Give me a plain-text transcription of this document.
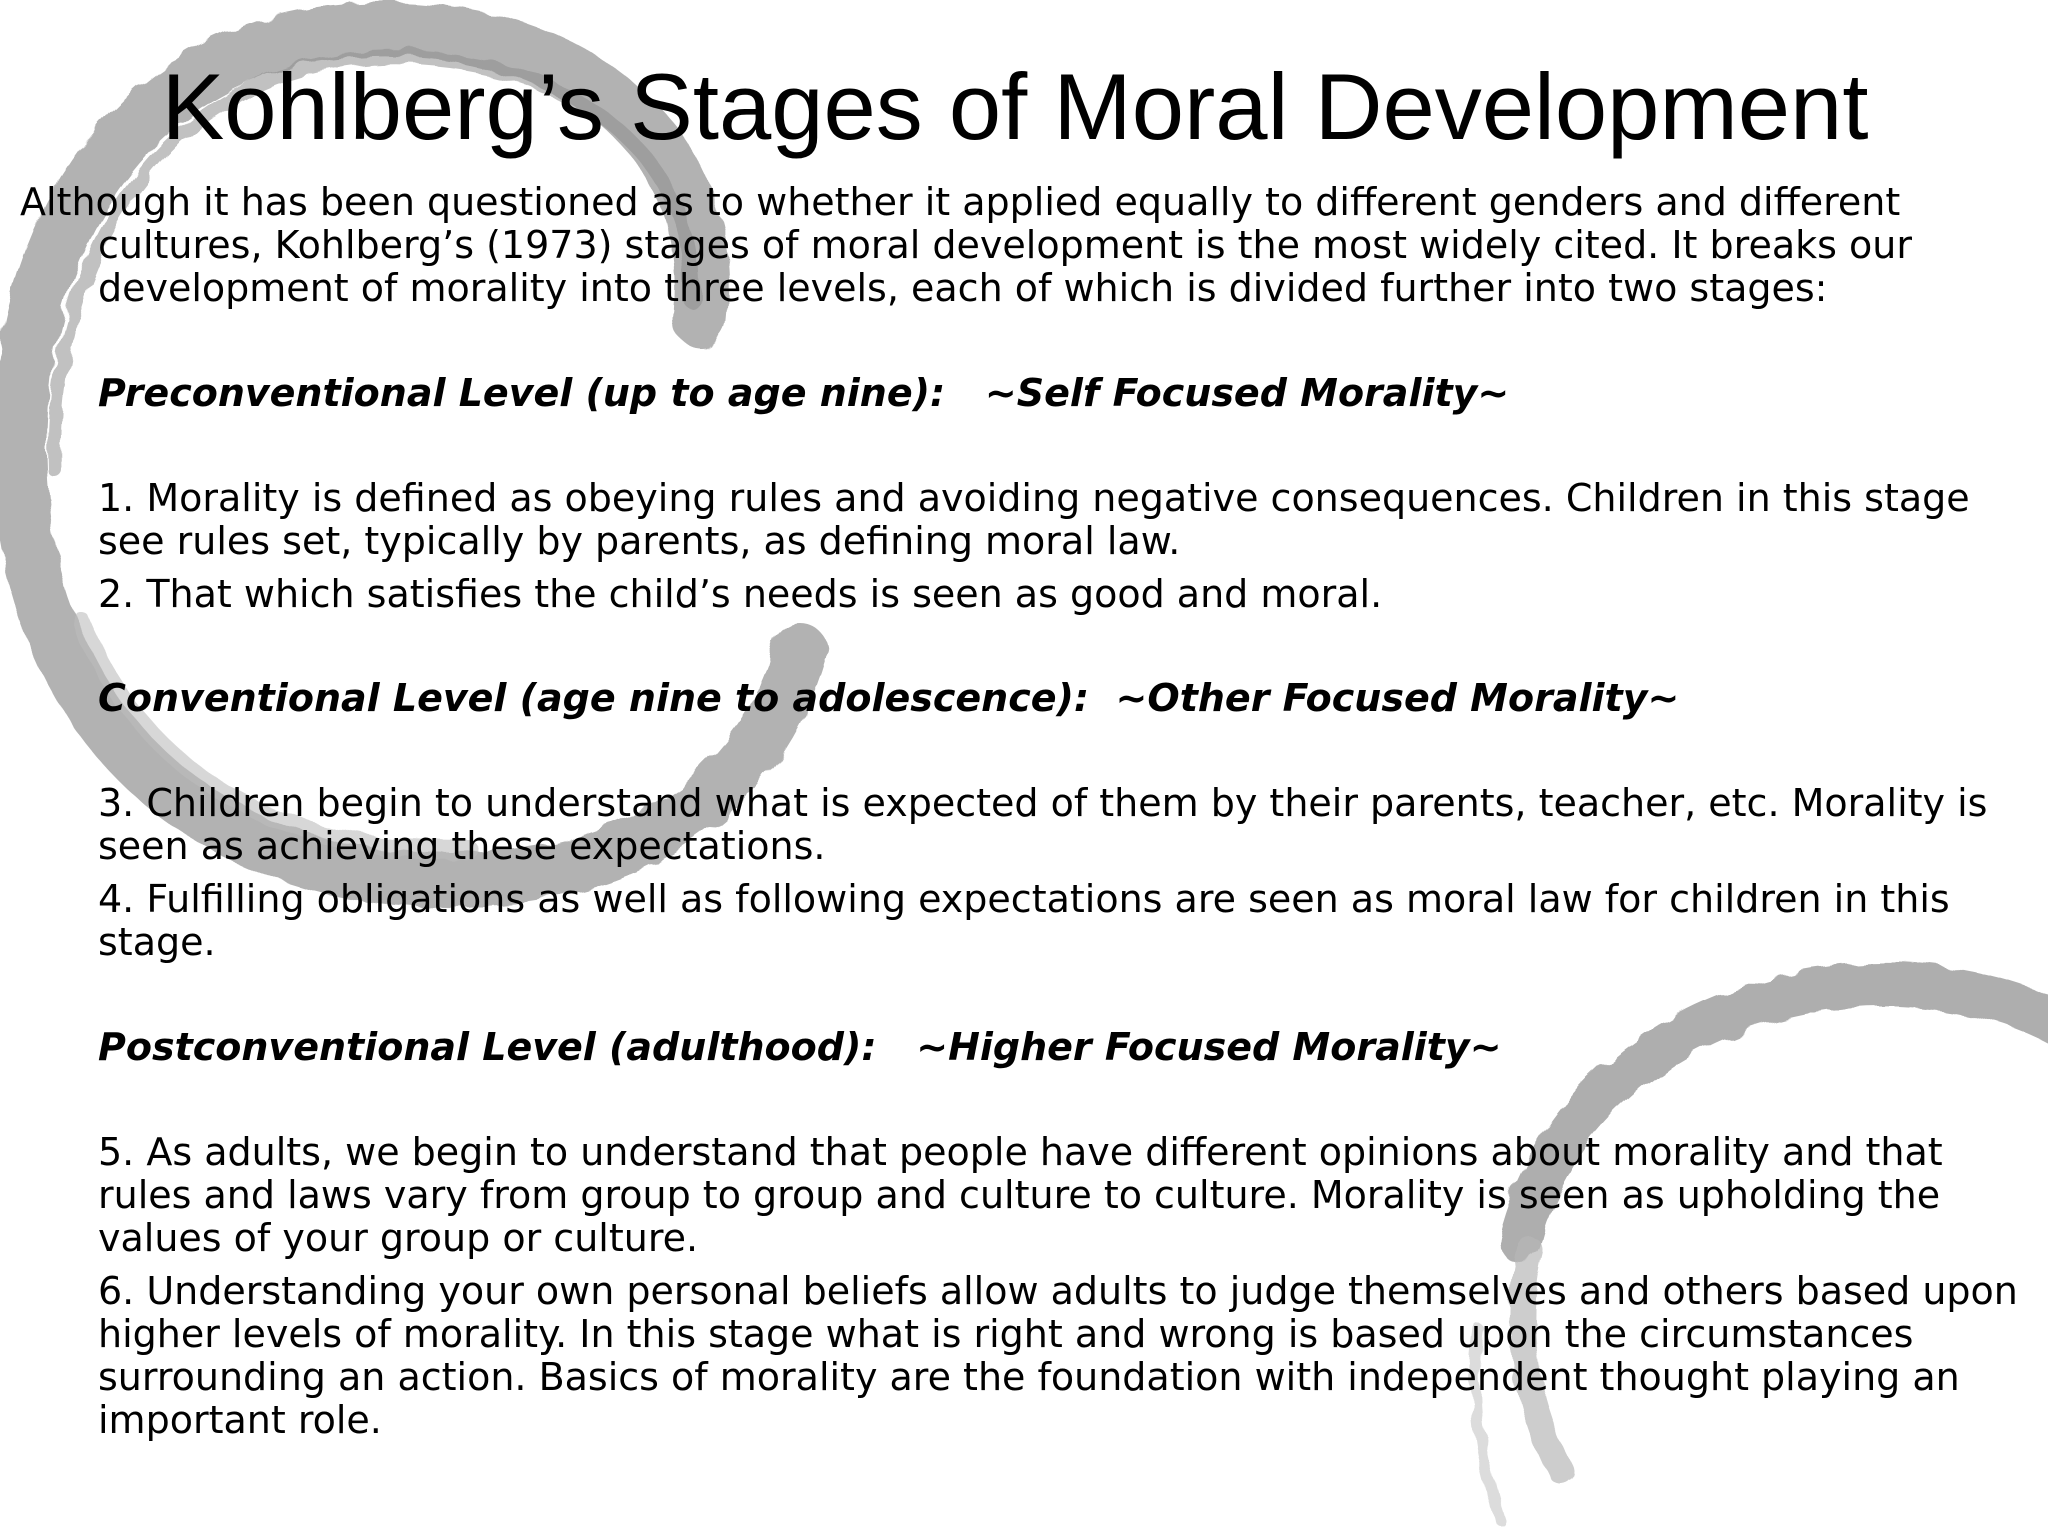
Kohlberg’s Stages of Moral Development

Although it has been questioned as to whether it applied equally to different genders and different cultures, Kohlberg’s (1973) stages of moral development is the most widely cited. It breaks our development of morality into three levels, each of which is divided further into two stages:

Preconventional Level (up to age nine):   ~Self Focused Morality~

1. Morality is defined as obeying rules and avoiding negative consequences. Children in this stage see rules set, typically by parents, as defining moral law.

2. That which satisfies the child’s needs is seen as good and moral.

Conventional Level (age nine to adolescence):  ~Other Focused Morality~

3. Children begin to understand what is expected of them by their parents, teacher, etc. Morality is seen as achieving these expectations.

4. Fulfilling obligations as well as following expectations are seen as moral law for children in this stage.

Postconventional Level (adulthood):   ~Higher Focused Morality~

5. As adults, we begin to understand that people have different opinions about morality and that rules and laws vary from group to group and culture to culture. Morality is seen as upholding the values of your group or culture.

6. Understanding your own personal beliefs allow adults to judge themselves and others based upon higher levels of morality. In this stage what is right and wrong is based upon the circumstances surrounding an action. Basics of morality are the foundation with independent thought playing an important role.
